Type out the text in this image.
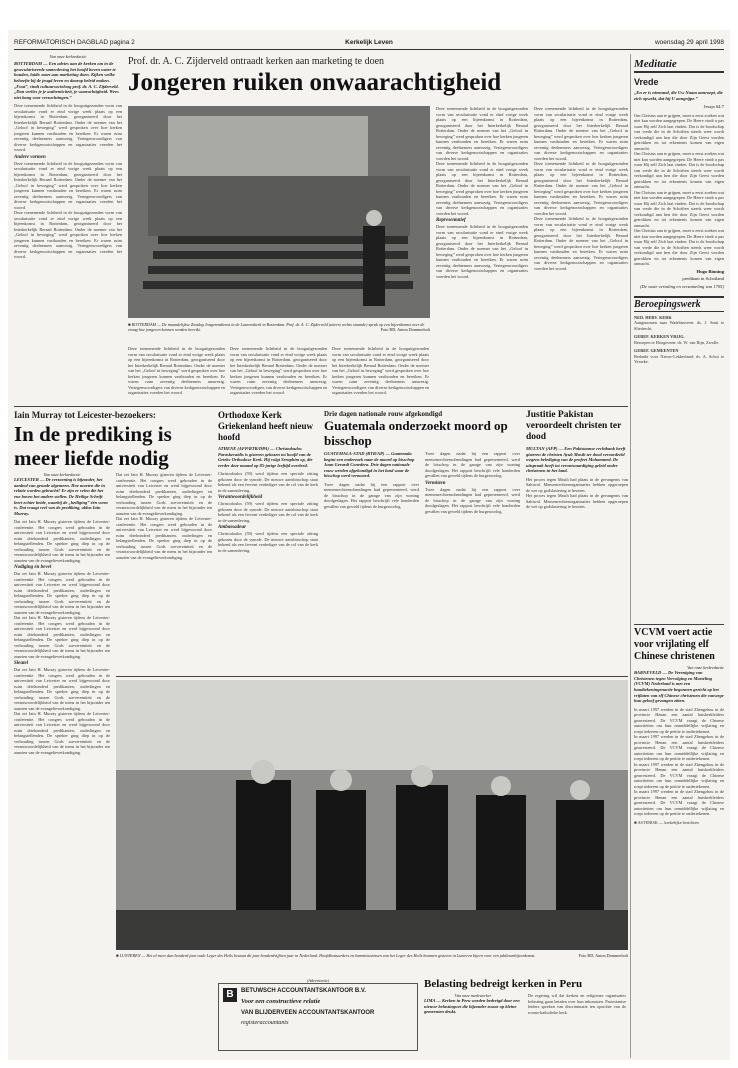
REFORMATORISCH DAGBLAD pagina 2	Kerkelijk Leven	woensdag 29 april 1998
Van onze kerkredactie
ROTTERDAM — Een advies aan de kerken om in de geseculariseerde samenleving het hoofd boven water te houden, luidt: moet aan marketing doen. Kijken welke behoefte bij de jeugd leven en daarop beleid maken. „Fout”, vindt cultuursocioloog prof. dr. A. C. Zijderveld. „Dan verlies je je authenticiteit, je waarachtigheid. Wees niet bang voor verzuchtingen.”
Deze toenemende lichtheid in de hooguitgezonden vorm van secularisatie vond er eind vorige week plaats op een bijeenkomst in Rotterdam, georganiseerd door het Interkerkelijk Beraad Rotterdam. Onder de noemer van het „Geloof in beweging” werd gesproken over hoe kerken jongeren kunnen vasthouden en bereiken. Er waren ruim zeventig deelnemers aanwezig. Vertegenwoordigers van diverse kerkgenootschappen en organisaties voerden het woord.
Andere vormen
Deze toenemende lichtheid in de hooguitgezonden vorm van secularisatie vond er eind vorige week plaats op een bijeenkomst in Rotterdam, georganiseerd door het Interkerkelijk Beraad Rotterdam. Onder de noemer van het „Geloof in beweging” werd gesproken over hoe kerken jongeren kunnen vasthouden en bereiken. Er waren ruim zeventig deelnemers aanwezig. Vertegenwoordigers van diverse kerkgenootschappen en organisaties voerden het woord.
Deze toenemende lichtheid in de hooguitgezonden vorm van secularisatie vond er eind vorige week plaats op een bijeenkomst in Rotterdam, georganiseerd door het Interkerkelijk Beraad Rotterdam. Onder de noemer van het „Geloof in beweging” werd gesproken over hoe kerken jongeren kunnen vasthouden en bereiken. Er waren ruim zeventig deelnemers aanwezig. Vertegenwoordigers van diverse kerkgenootschappen en organisaties voerden het woord.
Prof. dr. A. C. Zijderveld ontraadt kerken aan marketing te doen
Jongeren ruiken onwaarachtigheid
■ ROTTERDAM — De maandelijkse Zondag Jongerendienst in de Laurenskerk in Rotterdam. Prof. dr. A. C. Zijderveld (uiterst rechts staande) sprak op een bijeenkomst over de vraag hoe jongeren kunnen worden bereikt.	Foto RD, Anton Dommerholt
Deze toenemende lichtheid in de hooguitgezonden vorm van secularisatie vond er eind vorige week plaats op een bijeenkomst in Rotterdam, georganiseerd door het Interkerkelijk Beraad Rotterdam. Onder de noemer van het „Geloof in beweging” werd gesproken over hoe kerken jongeren kunnen vasthouden en bereiken. Er waren ruim zeventig deelnemers aanwezig. Vertegenwoordigers van diverse kerkgenootschappen en organisaties voerden het woord.
Deze toenemende lichtheid in de hooguitgezonden vorm van secularisatie vond er eind vorige week plaats op een bijeenkomst in Rotterdam, georganiseerd door het Interkerkelijk Beraad Rotterdam. Onder de noemer van het „Geloof in beweging” werd gesproken over hoe kerken jongeren kunnen vasthouden en bereiken. Er waren ruim zeventig deelnemers aanwezig. Vertegenwoordigers van diverse kerkgenootschappen en organisaties voerden het woord.
Deze toenemende lichtheid in de hooguitgezonden vorm van secularisatie vond er eind vorige week plaats op een bijeenkomst in Rotterdam, georganiseerd door het Interkerkelijk Beraad Rotterdam. Onder de noemer van het „Geloof in beweging” werd gesproken over hoe kerken jongeren kunnen vasthouden en bereiken. Er waren ruim zeventig deelnemers aanwezig. Vertegenwoordigers van diverse kerkgenootschappen en organisaties voerden het woord.
Deze toenemende lichtheid in de hooguitgezonden vorm van secularisatie vond er eind vorige week plaats op een bijeenkomst in Rotterdam, georganiseerd door het Interkerkelijk Beraad Rotterdam. Onder de noemer van het „Geloof in beweging” werd gesproken over hoe kerken jongeren kunnen vasthouden en bereiken. Er waren ruim zeventig deelnemers aanwezig. Vertegenwoordigers van diverse kerkgenootschappen en organisaties voerden het woord.
Deze toenemende lichtheid in de hooguitgezonden vorm van secularisatie vond er eind vorige week plaats op een bijeenkomst in Rotterdam, georganiseerd door het Interkerkelijk Beraad Rotterdam. Onder de noemer van het „Geloof in beweging” werd gesproken over hoe kerken jongeren kunnen vasthouden en bereiken. Er waren ruim zeventig deelnemers aanwezig. Vertegenwoordigers van diverse kerkgenootschappen en organisaties voerden het woord.
Representatief
Deze toenemende lichtheid in de hooguitgezonden vorm van secularisatie vond er eind vorige week plaats op een bijeenkomst in Rotterdam, georganiseerd door het Interkerkelijk Beraad Rotterdam. Onder de noemer van het „Geloof in beweging” werd gesproken over hoe kerken jongeren kunnen vasthouden en bereiken. Er waren ruim zeventig deelnemers aanwezig. Vertegenwoordigers van diverse kerkgenootschappen en organisaties voerden het woord.
Deze toenemende lichtheid in de hooguitgezonden vorm van secularisatie vond er eind vorige week plaats op een bijeenkomst in Rotterdam, georganiseerd door het Interkerkelijk Beraad Rotterdam. Onder de noemer van het „Geloof in beweging” werd gesproken over hoe kerken jongeren kunnen vasthouden en bereiken. Er waren ruim zeventig deelnemers aanwezig. Vertegenwoordigers van diverse kerkgenootschappen en organisaties voerden het woord.
Deze toenemende lichtheid in de hooguitgezonden vorm van secularisatie vond er eind vorige week plaats op een bijeenkomst in Rotterdam, georganiseerd door het Interkerkelijk Beraad Rotterdam. Onder de noemer van het „Geloof in beweging” werd gesproken over hoe kerken jongeren kunnen vasthouden en bereiken. Er waren ruim zeventig deelnemers aanwezig. Vertegenwoordigers van diverse kerkgenootschappen en organisaties voerden het woord.
Deze toenemende lichtheid in de hooguitgezonden vorm van secularisatie vond er eind vorige week plaats op een bijeenkomst in Rotterdam, georganiseerd door het Interkerkelijk Beraad Rotterdam. Onder de noemer van het „Geloof in beweging” werd gesproken over hoe kerken jongeren kunnen vasthouden en bereiken. Er waren ruim zeventig deelnemers aanwezig. Vertegenwoordigers van diverse kerkgenootschappen en organisaties voerden het woord.
Iain Murray tot Leicester-bezoekers:
In de prediking is meer liefde nodig
Van onze kerkredactie
LEICESTER — De verzoening is bijzonder, het aanbod van genade algemeen. Hoe moeten die in relatie worden gebracht? Er zijn er velen die het ene boven het andere stellen. De Heilige Schrift leert echter beide, waarbij de „heiliging” één vorm is. Dat vraagt veel van de prediking, aldus Iain Murray.
Dat zei Iain H. Murray gisteren tijdens de Leicester-conferentie. Het congres werd gehouden in de universiteit van Leicester en werd bijgewoond door ruim driehonderd predikanten, ouderlingen en belangstellenden. De spreker ging diep in op de verhouding tussen Gods soevereiniteit en de verantwoordelijkheid van de mens in het bijzonder ten aanzien van de evangelieverkondiging.
Nodiging én bevel
Dat zei Iain H. Murray gisteren tijdens de Leicester-conferentie. Het congres werd gehouden in de universiteit van Leicester en werd bijgewoond door ruim driehonderd predikanten, ouderlingen en belangstellenden. De spreker ging diep in op de verhouding tussen Gods soevereiniteit en de verantwoordelijkheid van de mens in het bijzonder ten aanzien van de evangelieverkondiging.
Dat zei Iain H. Murray gisteren tijdens de Leicester-conferentie. Het congres werd gehouden in de universiteit van Leicester en werd bijgewoond door ruim driehonderd predikanten, ouderlingen en belangstellenden. De spreker ging diep in op de verhouding tussen Gods soevereiniteit en de verantwoordelijkheid van de mens in het bijzonder ten aanzien van de evangelieverkondiging.
Sleutel
Dat zei Iain H. Murray gisteren tijdens de Leicester-conferentie. Het congres werd gehouden in de universiteit van Leicester en werd bijgewoond door ruim driehonderd predikanten, ouderlingen en belangstellenden. De spreker ging diep in op de verhouding tussen Gods soevereiniteit en de verantwoordelijkheid van de mens in het bijzonder ten aanzien van de evangelieverkondiging.
Dat zei Iain H. Murray gisteren tijdens de Leicester-conferentie. Het congres werd gehouden in de universiteit van Leicester en werd bijgewoond door ruim driehonderd predikanten, ouderlingen en belangstellenden. De spreker ging diep in op de verhouding tussen Gods soevereiniteit en de verantwoordelijkheid van de mens in het bijzonder ten aanzien van de evangelieverkondiging.
Dat zei Iain H. Murray gisteren tijdens de Leicester-conferentie. Het congres werd gehouden in de universiteit van Leicester en werd bijgewoond door ruim driehonderd predikanten, ouderlingen en belangstellenden. De spreker ging diep in op de verhouding tussen Gods soevereiniteit en de verantwoordelijkheid van de mens in het bijzonder ten aanzien van de evangelieverkondiging.
Dat zei Iain H. Murray gisteren tijdens de Leicester-conferentie. Het congres werd gehouden in de universiteit van Leicester en werd bijgewoond door ruim driehonderd predikanten, ouderlingen en belangstellenden. De spreker ging diep in op de verhouding tussen Gods soevereiniteit en de verantwoordelijkheid van de mens in het bijzonder ten aanzien van de evangelieverkondiging.
Orthodoxe Kerk Griekenland heeft nieuw hoofd
ATHENE (AFP/RTR/DPA) — Christodoulos Paraskevaidis is gisteren gekozen tot hoofd van de Grieks-Orthodoxe Kerk. Hij volgt Seraphim op, die eerder deze maand op 85-jarige leeftijd overleed.
Christodoulos (59) werd tijdens een speciale zitting gekozen door de synode. De nieuwe aartsbisschop staat bekend als een fervent verdediger van de rol van de kerk in de samenleving.
Verantwoordelijkheid
Christodoulos (59) werd tijdens een speciale zitting gekozen door de synode. De nieuwe aartsbisschop staat bekend als een fervent verdediger van de rol van de kerk in de samenleving.
Ambassadeur
Christodoulos (59) werd tijdens een speciale zitting gekozen door de synode. De nieuwe aartsbisschop staat bekend als een fervent verdediger van de rol van de kerk in de samenleving.
Drie dagen nationale rouw afgekondigd
Guatemala onderzoekt moord op bisschop
GUATEMALA-STAD (RTR/AP) — Guatemala begint een onderzoek naar de moord op bisschop Juan Gerardi Conedera. Drie dagen nationale rouw werden afgekondigd in het land waar de bisschop werd vermoord.
Twee dagen nadat hij een rapport over mensenrechtenschendingen had gepresenteerd, werd de bisschop in de garage van zijn woning doodgeslagen. Het rapport beschrijft vele honderden gevallen van geweld tijdens de burgeroorlog.
Twee dagen nadat hij een rapport over mensenrechtenschendingen had gepresenteerd, werd de bisschop in de garage van zijn woning doodgeslagen. Het rapport beschrijft vele honderden gevallen van geweld tijdens de burgeroorlog.
Vermisten
Twee dagen nadat hij een rapport over mensenrechtenschendingen had gepresenteerd, werd de bisschop in de garage van zijn woning doodgeslagen. Het rapport beschrijft vele honderden gevallen van geweld tijdens de burgeroorlog.
Justitie Pakistan veroordeelt christen ter dood
MULTAN (AFP) — Een Pakistaanse rechtbank heeft gisteren de christen Ayub Masih ter dood veroordeeld wegens belediging van de profeet Mohammed. De uitspraak heeft tot verontwaardiging geleid onder christenen in het land.
Het proces tegen Masih had plaats in de gevangenis van Sahiwal. Mensenrechtenorganisaties hebben opgeroepen de wet op godslastering te herzien.
Het proces tegen Masih had plaats in de gevangenis van Sahiwal. Mensenrechtenorganisaties hebben opgeroepen de wet op godslastering te herzien.
■ LUNTEREN — Het al meer dan honderd jaar oude Leger des Heils bestaat dit jaar honderdvijftien jaar in Nederland. Hoofdbestuurders en kommissarissen van het Leger des Heils kwamen gisteren in Lunteren bijeen voor een jubileumbijeenkomst.	Foto RD, Anton Dommerholt
(Advertentie)
B	BETUWSCH ACCOUNTANTSKANTOOR B.V.
Voor een constructieve relatie
VAN BLIJDERVEEN ACCOUNTANTSKANTOOR
registeraccountants
Belasting bedreigt kerken in Peru
Van onze medewerker
LIMA — Kerken in Peru worden bedreigd door een nieuwe belastingwet die bijzonder zwaar op kleine gemeenten drukt.
De regering wil dat kerken en religieuze organisaties belasting gaan betalen over hun inkomsten. Protestantse leiders spreken van discriminatie ten opzichte van de rooms-katholieke kerk.
Meditatie
Vrede
„En er is niemand, die Uw Naam aanroept, die zich opwekt, dat hij U aangrijpe.”
Jesaja 64:7
Om Christus aan te grijpen, moet u eerst zoeken wat niet kan worden aangegrepen. De Heere vindt u pas waar Hij zelf Zich laat vinden. Dat is de boodschap van vrede die in de Schriften steeds weer wordt verkondigd aan hen die door Zijn Geest worden getrokken en tot erkentenis komen van eigen onmacht.
Om Christus aan te grijpen, moet u eerst zoeken wat niet kan worden aangegrepen. De Heere vindt u pas waar Hij zelf Zich laat vinden. Dat is de boodschap van vrede die in de Schriften steeds weer wordt verkondigd aan hen die door Zijn Geest worden getrokken en tot erkentenis komen van eigen onmacht.
Om Christus aan te grijpen, moet u eerst zoeken wat niet kan worden aangegrepen. De Heere vindt u pas waar Hij zelf Zich laat vinden. Dat is de boodschap van vrede die in de Schriften steeds weer wordt verkondigd aan hen die door Zijn Geest worden getrokken en tot erkentenis komen van eigen onmacht.
Om Christus aan te grijpen, moet u eerst zoeken wat niet kan worden aangegrepen. De Heere vindt u pas waar Hij zelf Zich laat vinden. Dat is de boodschap van vrede die in de Schriften steeds weer wordt verkondigd aan hen die door Zijn Geest worden getrokken en tot erkentenis komen van eigen onmacht.
Hugo Binning
predikant in Schotland
(De vaste vertaling en verzameling van 1705)
Beroepingswerk
NED. HERV. KERK
Aangenomen naar Waddinxveen: ds. J. Smit te Sliedrecht.
GEREF. KERKEN VRIJG.
Beroepen te Hoogeveen: ds. W. van Rijn, Zwolle.
GEREF. GEMEENTEN
Bedankt voor Nieuw-Lekkerland: ds. A. Schot te Yerseke.
VCVM voert actie voor vrijlating elf Chinese christenen
Van onze kerkredactie
BARNEVELD — De Vereniging van Christenen tegen Vervolging en Marteling (VCVM) Nederland is met een handtekeningenactie begonnen gericht op het vrijlaten van elf Chinese christenen die vanwege hun geloof gevangen zitten.
In maart 1997 werden in de stad Zhengzhou in de provincie Henan een aantal huiskerkleiders gearresteerd. De VCVM vraagt de Chinese autoriteiten om hun onmiddellijke vrijlating en roept iedereen op de petitie te ondertekenen.
In maart 1997 werden in de stad Zhengzhou in de provincie Henan een aantal huiskerkleiders gearresteerd. De VCVM vraagt de Chinese autoriteiten om hun onmiddellijke vrijlating en roept iedereen op de petitie te ondertekenen.
In maart 1997 werden in de stad Zhengzhou in de provincie Henan een aantal huiskerkleiders gearresteerd. De VCVM vraagt de Chinese autoriteiten om hun onmiddellijke vrijlating en roept iedereen op de petitie te ondertekenen.
In maart 1997 werden in de stad Zhengzhou in de provincie Henan een aantal huiskerkleiders gearresteerd. De VCVM vraagt de Chinese autoriteiten om hun onmiddellijke vrijlating en roept iedereen op de petitie te ondertekenen.
■ ASTERISK — kerkelijke berichten
